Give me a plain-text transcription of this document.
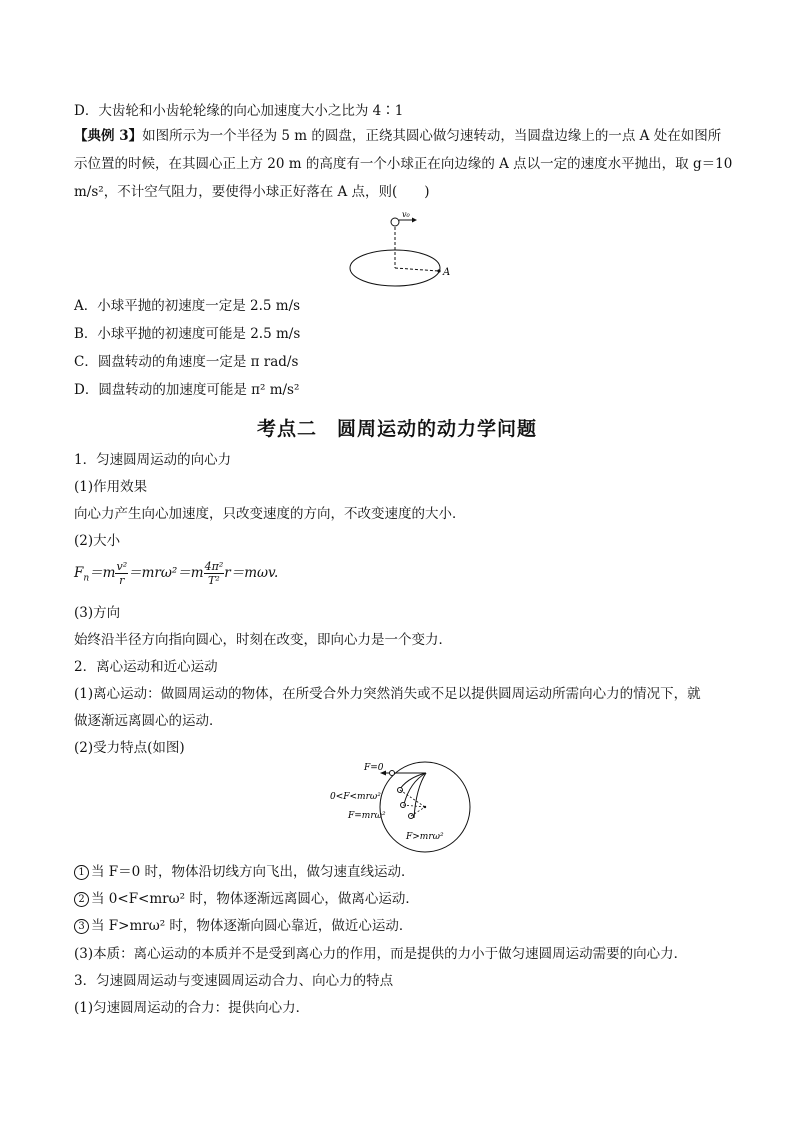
D．大齿轮和小齿轮轮缘的向心加速度大小之比为 4∶1
【典例 3】如图所示为一个半径为 5 m 的圆盘，正绕其圆心做匀速转动，当圆盘边缘上的一点 A 处在如图所
示位置的时候，在其圆心正上方 20 m 的高度有一个小球正在向边缘的 A 点以一定的速度水平抛出，取 g＝10
m/s²，不计空气阻力，要使得小球正好落在 A 点，则(　　)
v₀
A
A．小球平抛的初速度一定是 2.5 m/s
B．小球平抛的初速度可能是 2.5 m/s
C．圆盘转动的角速度一定是 π rad/s
D．圆盘转动的加速度可能是 π² m/s²
考点二　圆周运动的动力学问题
1．匀速圆周运动的向心力
(1)作用效果
向心力产生向心加速度，只改变速度的方向，不改变速度的大小．
(2)大小
$F_n=m \frac{\text{v²}}{r} =mr\omega^2=m \frac{\text{4π²}}{\text{T²}} r=m\omega v$.
(3)方向
始终沿半径方向指向圆心，时刻在改变，即向心力是一个变力．
2．离心运动和近心运动
(1)离心运动：做圆周运动的物体，在所受合外力突然消失或不足以提供圆周运动所需向心力的情况下，就
做逐渐远离圆心的运动．
(2)受力特点(如图)
F=0
0<F<mrω²
F=mrω²
F>mrω²
1 当 F＝0 时，物体沿切线方向飞出，做匀速直线运动．
2 当 0<F<mrω² 时，物体逐渐远离圆心，做离心运动．
3 当 F>mrω² 时，物体逐渐向圆心靠近，做近心运动．
(3)本质：离心运动的本质并不是受到离心力的作用，而是提供的力小于做匀速圆周运动需要的向心力．
3．匀速圆周运动与变速圆周运动合力、向心力的特点
(1)匀速圆周运动的合力：提供向心力．
